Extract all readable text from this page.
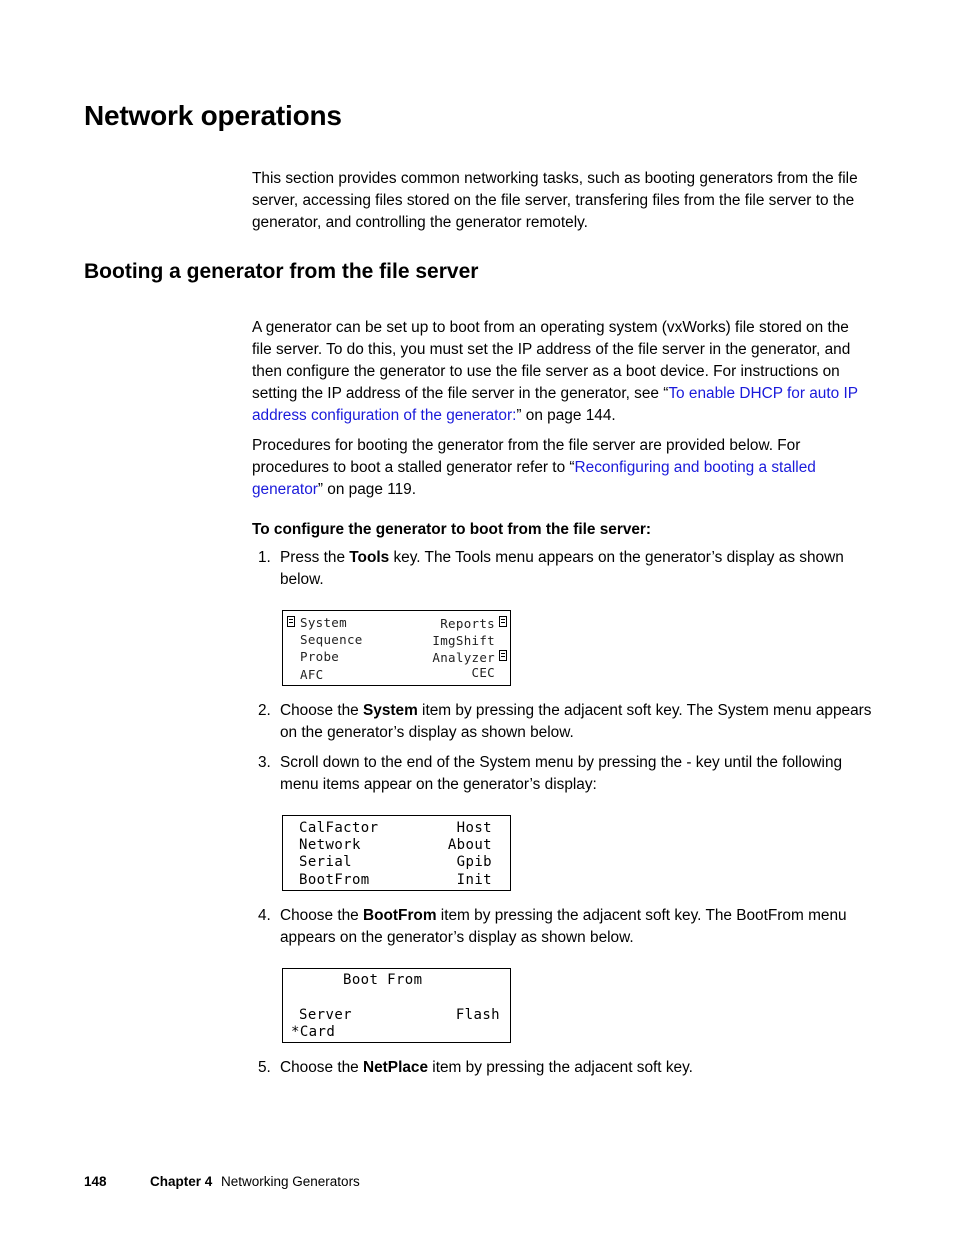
Network operations

This section provides common networking tasks, such as booting generators from the file server, accessing files stored on the file server, transfering files from the file server to the generator, and controlling the generator remotely.

Booting a generator from the file server

A generator can be set up to boot from an operating system (vxWorks) file stored on the file server. To do this, you must set the IP address of the file server in the generator, and then configure the generator to use the file server as a boot device. For instructions on setting the IP address of the file server in the generator, see “To enable DHCP for auto IP address configuration of the generator:” on page 144.

Procedures for booting the generator from the file server are provided below. For procedures to boot a stalled generator refer to “Reconfiguring and booting a stalled generator” on page 119.

To configure the generator to boot from the file server:

1. Press the Tools key. The Tools menu appears on the generator’s display as shown below.
System
Sequence
Probe
AFC
Reports
ImgShift
Analyzer
CEC
2. Choose the System item by pressing the adjacent soft key. The System menu appears on the generator’s display as shown below.
3. Scroll down to the end of the System menu by pressing the - key until the following menu items appear on the generator’s display:
CalFactor
Network
Serial
BootFrom
Host
About
Gpib
Init
4. Choose the BootFrom item by pressing the adjacent soft key. The BootFrom menu appears on the generator’s display as shown below.
Boot From
Server
*Card
Flash
5. Choose the NetPlace item by pressing the adjacent soft key.
148	Chapter 4 Networking Generators
